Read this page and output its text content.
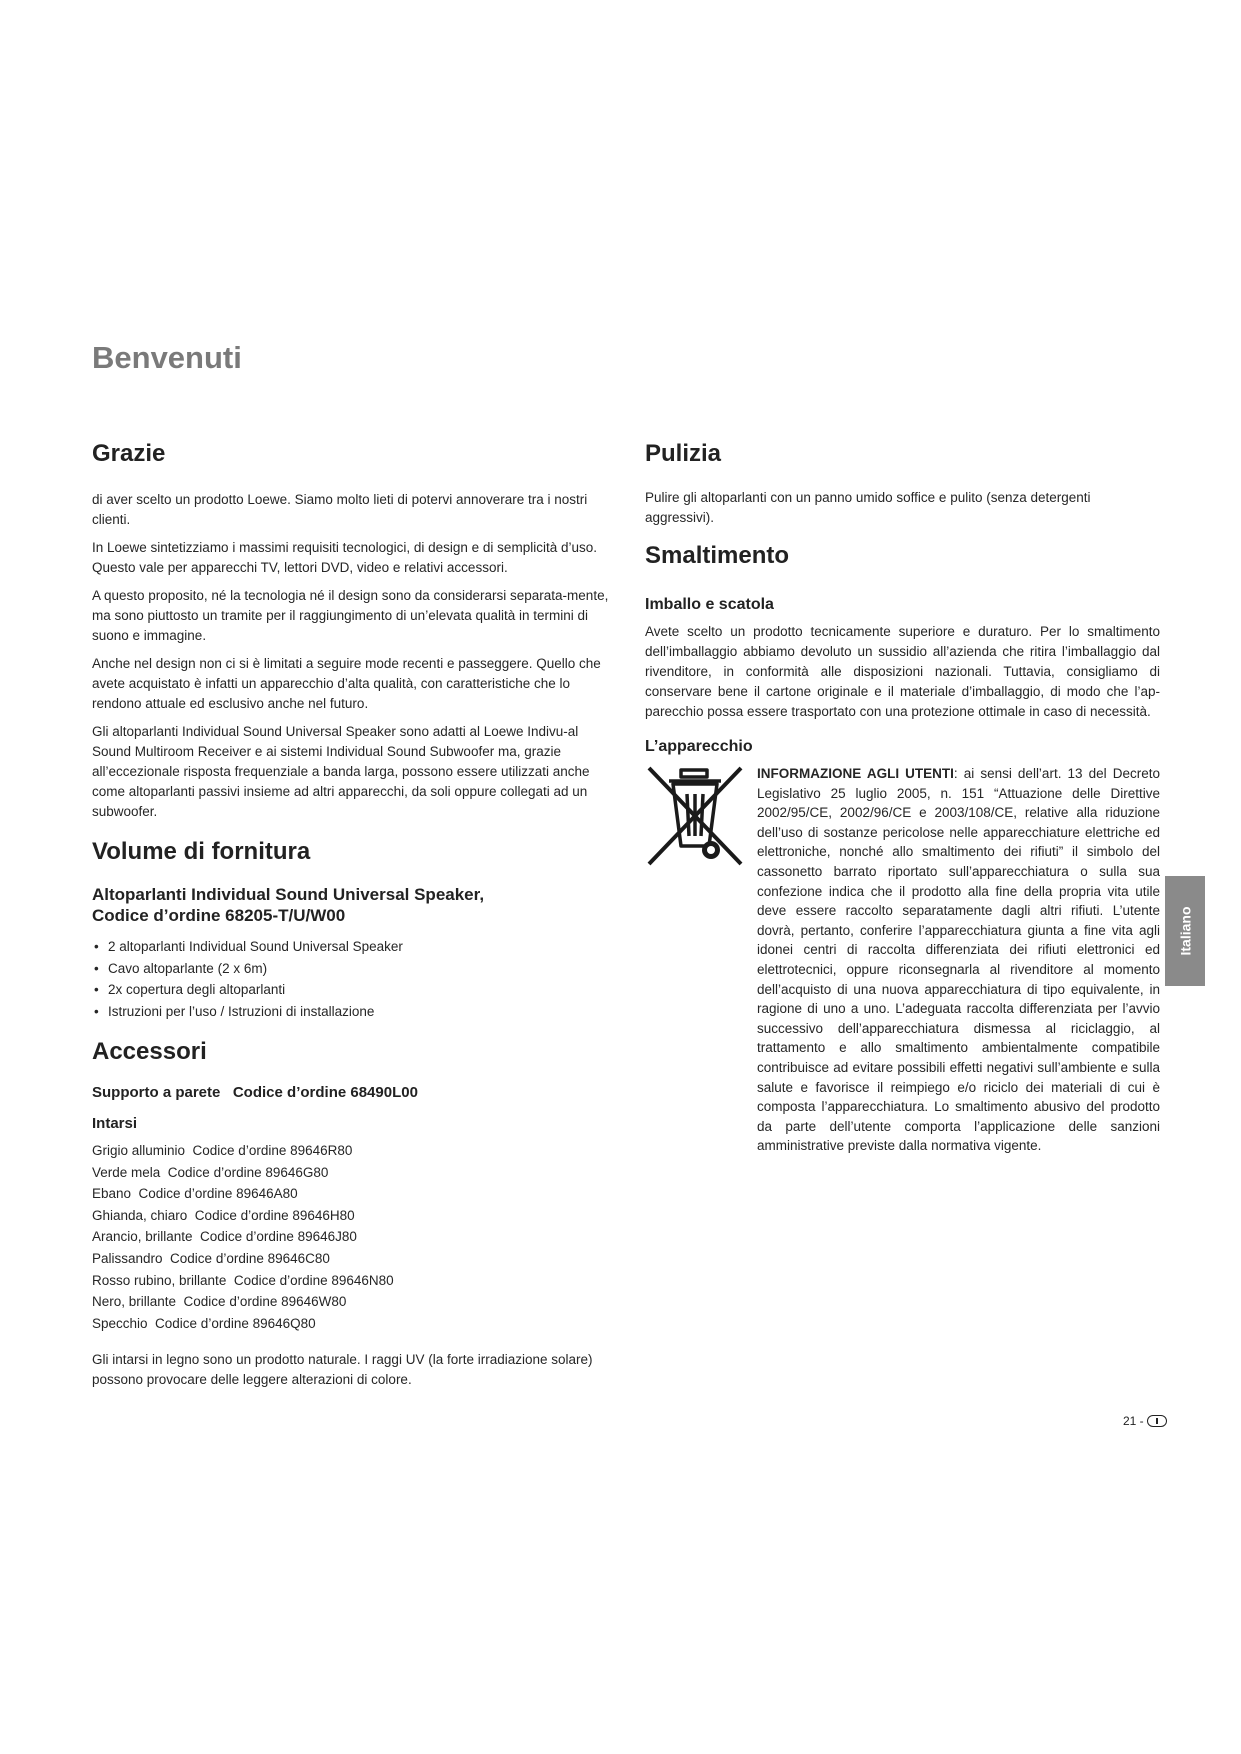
Benvenuti
Grazie

di aver scelto un prodotto Loewe. Siamo molto lieti di potervi annoverare tra i nostri clienti.

In Loewe sintetizziamo i massimi requisiti tecnologici, di design e di semplicità d’uso. Questo vale per apparecchi TV, lettori DVD, video e relativi accessori.

A questo proposito, né la tecnologia né il design sono da considerarsi separata-mente, ma sono piuttosto un tramite per il raggiungimento di un’elevata qualità in termini di suono e immagine.

Anche nel design non ci si è limitati a seguire mode recenti e passeggere. Quello che avete acquistato è infatti un apparecchio d’alta qualità, con caratteristiche che lo rendono attuale ed esclusivo anche nel futuro.

Gli altoparlanti Individual Sound Universal Speaker sono adatti al Loewe Indivu-al Sound Multiroom Receiver e ai sistemi Individual Sound Subwoofer ma, grazie all’eccezionale risposta frequenziale a banda larga, possono essere utilizzati anche come altoparlanti passivi insieme ad altri apparecchi, da soli oppure collegati ad un subwoofer.

Volume di fornitura
Altoparlanti Individual Sound Universal Speaker,
Codice d’ordine 68205-T/U/W00
• 2 altoparlanti Individual Sound Universal Speaker
• Cavo altoparlante (2 x 6m)
• 2x copertura degli altoparlanti
• Istruzioni per l’uso / Istruzioni di installazione
Accessori
Supporto a parete   Codice d’ordine 68490L00
Intarsi
Grigio alluminio  Codice d’ordine 89646R80
Verde mela  Codice d’ordine 89646G80
Ebano  Codice d’ordine 89646A80
Ghianda, chiaro  Codice d’ordine 89646H80
Arancio, brillante  Codice d’ordine 89646J80
Palissandro  Codice d’ordine 89646C80
Rosso rubino, brillante  Codice d’ordine 89646N80
Nero, brillante  Codice d’ordine 89646W80
Specchio  Codice d’ordine 89646Q80

Gli intarsi in legno sono un prodotto naturale. I raggi UV (la forte irradiazione solare) possono provocare delle leggere alterazioni di colore.

Pulizia

Pulire gli altoparlanti con un panno umido soffice e pulito (senza detergenti aggressivi).

Smaltimento
Imballo e scatola

Avete scelto un prodotto tecnicamente superiore e duraturo. Per lo smaltimento dell’imballaggio abbiamo devoluto un sussidio all’azienda che ritira l’imballaggio dal rivenditore, in conformità alle disposizioni nazionali. Tuttavia, consigliamo di conservare bene il cartone originale e il materiale d’imballaggio, di modo che l’ap-parecchio possa essere trasportato con una protezione ottimale in caso di necessità.

L’apparecchio

INFORMAZIONE AGLI UTENTI: ai sensi dell’art. 13 del Decreto Legislativo 25 luglio 2005, n. 151 “Attuazione delle Direttive 2002/95/CE, 2002/96/CE e 2003/108/CE, relative alla riduzione dell’uso di sostanze pericolose nelle apparecchiature elettriche ed elettroniche, nonché allo smaltimento dei rifiuti” il simbolo del cassonetto barrato riportato sull’apparecchiatura o sulla sua confezione indica che il prodotto alla fine della propria vita utile deve essere raccolto separatamente dagli altri rifiuti. L’utente dovrà, pertanto, conferire l’apparecchiatura giunta a fine vita agli idonei centri di raccolta differenziata dei rifiuti elettronici ed elettrotecnici, oppure riconsegnarla al rivenditore al momento dell’acquisto di una nuova apparecchiatura di tipo equivalente, in ragione di uno a uno. L’adeguata raccolta differenziata per l’avvio successivo dell’apparecchiatura dismessa al riciclaggio, al trattamento e allo smaltimento ambientalmente compatibile contribuisce ad evitare possibili effetti negativi sull’ambiente e sulla salute e favorisce il reimpiego e/o riciclo dei materiali di cui è composta l’apparecchiatura. Lo smaltimento abusivo del prodotto da parte dell’utente comporta l’applicazione delle sanzioni amministrative previste dalla normativa vigente.

Italiano
21 -
